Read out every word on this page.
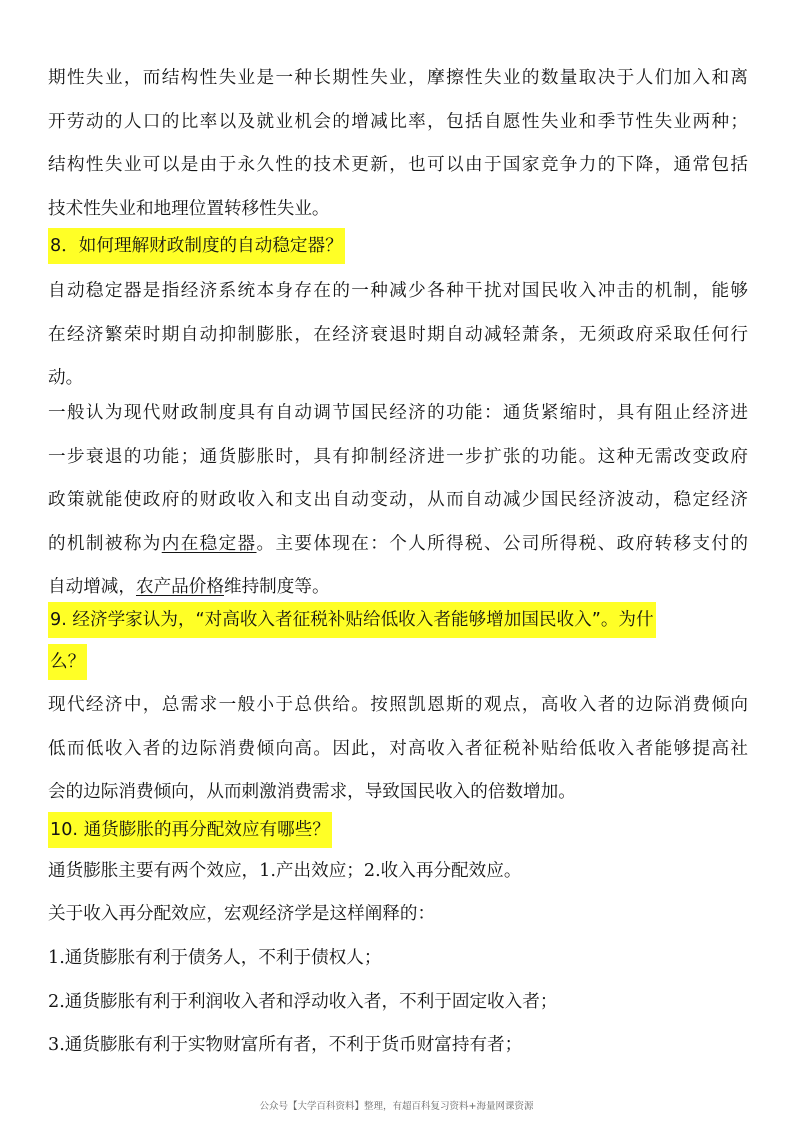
期性失业，而结构性失业是一种长期性失业，摩擦性失业的数量取决于人们加入和离
开劳动的人口的比率以及就业机会的增减比率，包括自愿性失业和季节性失业两种；
结构性失业可以是由于永久性的技术更新，也可以由于国家竞争力的下降，通常包括
技术性失业和地理位置转移性失业。
8．如何理解财政制度的自动稳定器？
自动稳定器是指经济系统本身存在的一种减少各种干扰对国民收入冲击的机制，能够
在经济繁荣时期自动抑制膨胀，在经济衰退时期自动减轻萧条，无须政府采取任何行
动。
一般认为现代财政制度具有自动调节国民经济的功能：通货紧缩时，具有阻止经济进
一步衰退的功能；通货膨胀时，具有抑制经济进一步扩张的功能。这种无需改变政府
政策就能使政府的财政收入和支出自动变动，从而自动减少国民经济波动，稳定经济
的机制被称为内在稳定器。主要体现在：个人所得税、公司所得税、政府转移支付的
自动增减，农产品价格维持制度等。
9. 经济学家认为，“对高收入者征税补贴给低收入者能够增加国民收入”。为什
么？
现代经济中，总需求一般小于总供给。按照凯恩斯的观点，高收入者的边际消费倾向
低而低收入者的边际消费倾向高。因此，对高收入者征税补贴给低收入者能够提高社
会的边际消费倾向，从而刺激消费需求，导致国民收入的倍数增加。
10. 通货膨胀的再分配效应有哪些？
通货膨胀主要有两个效应，1.产出效应；2.收入再分配效应。
关于收入再分配效应，宏观经济学是这样阐释的：
1.通货膨胀有利于债务人，不利于债权人；
2.通货膨胀有利于利润收入者和浮动收入者，不利于固定收入者；
3.通货膨胀有利于实物财富所有者，不利于货币财富持有者；
公众号【大学百科资料】整理，有超百科复习资料+海量网课资源
